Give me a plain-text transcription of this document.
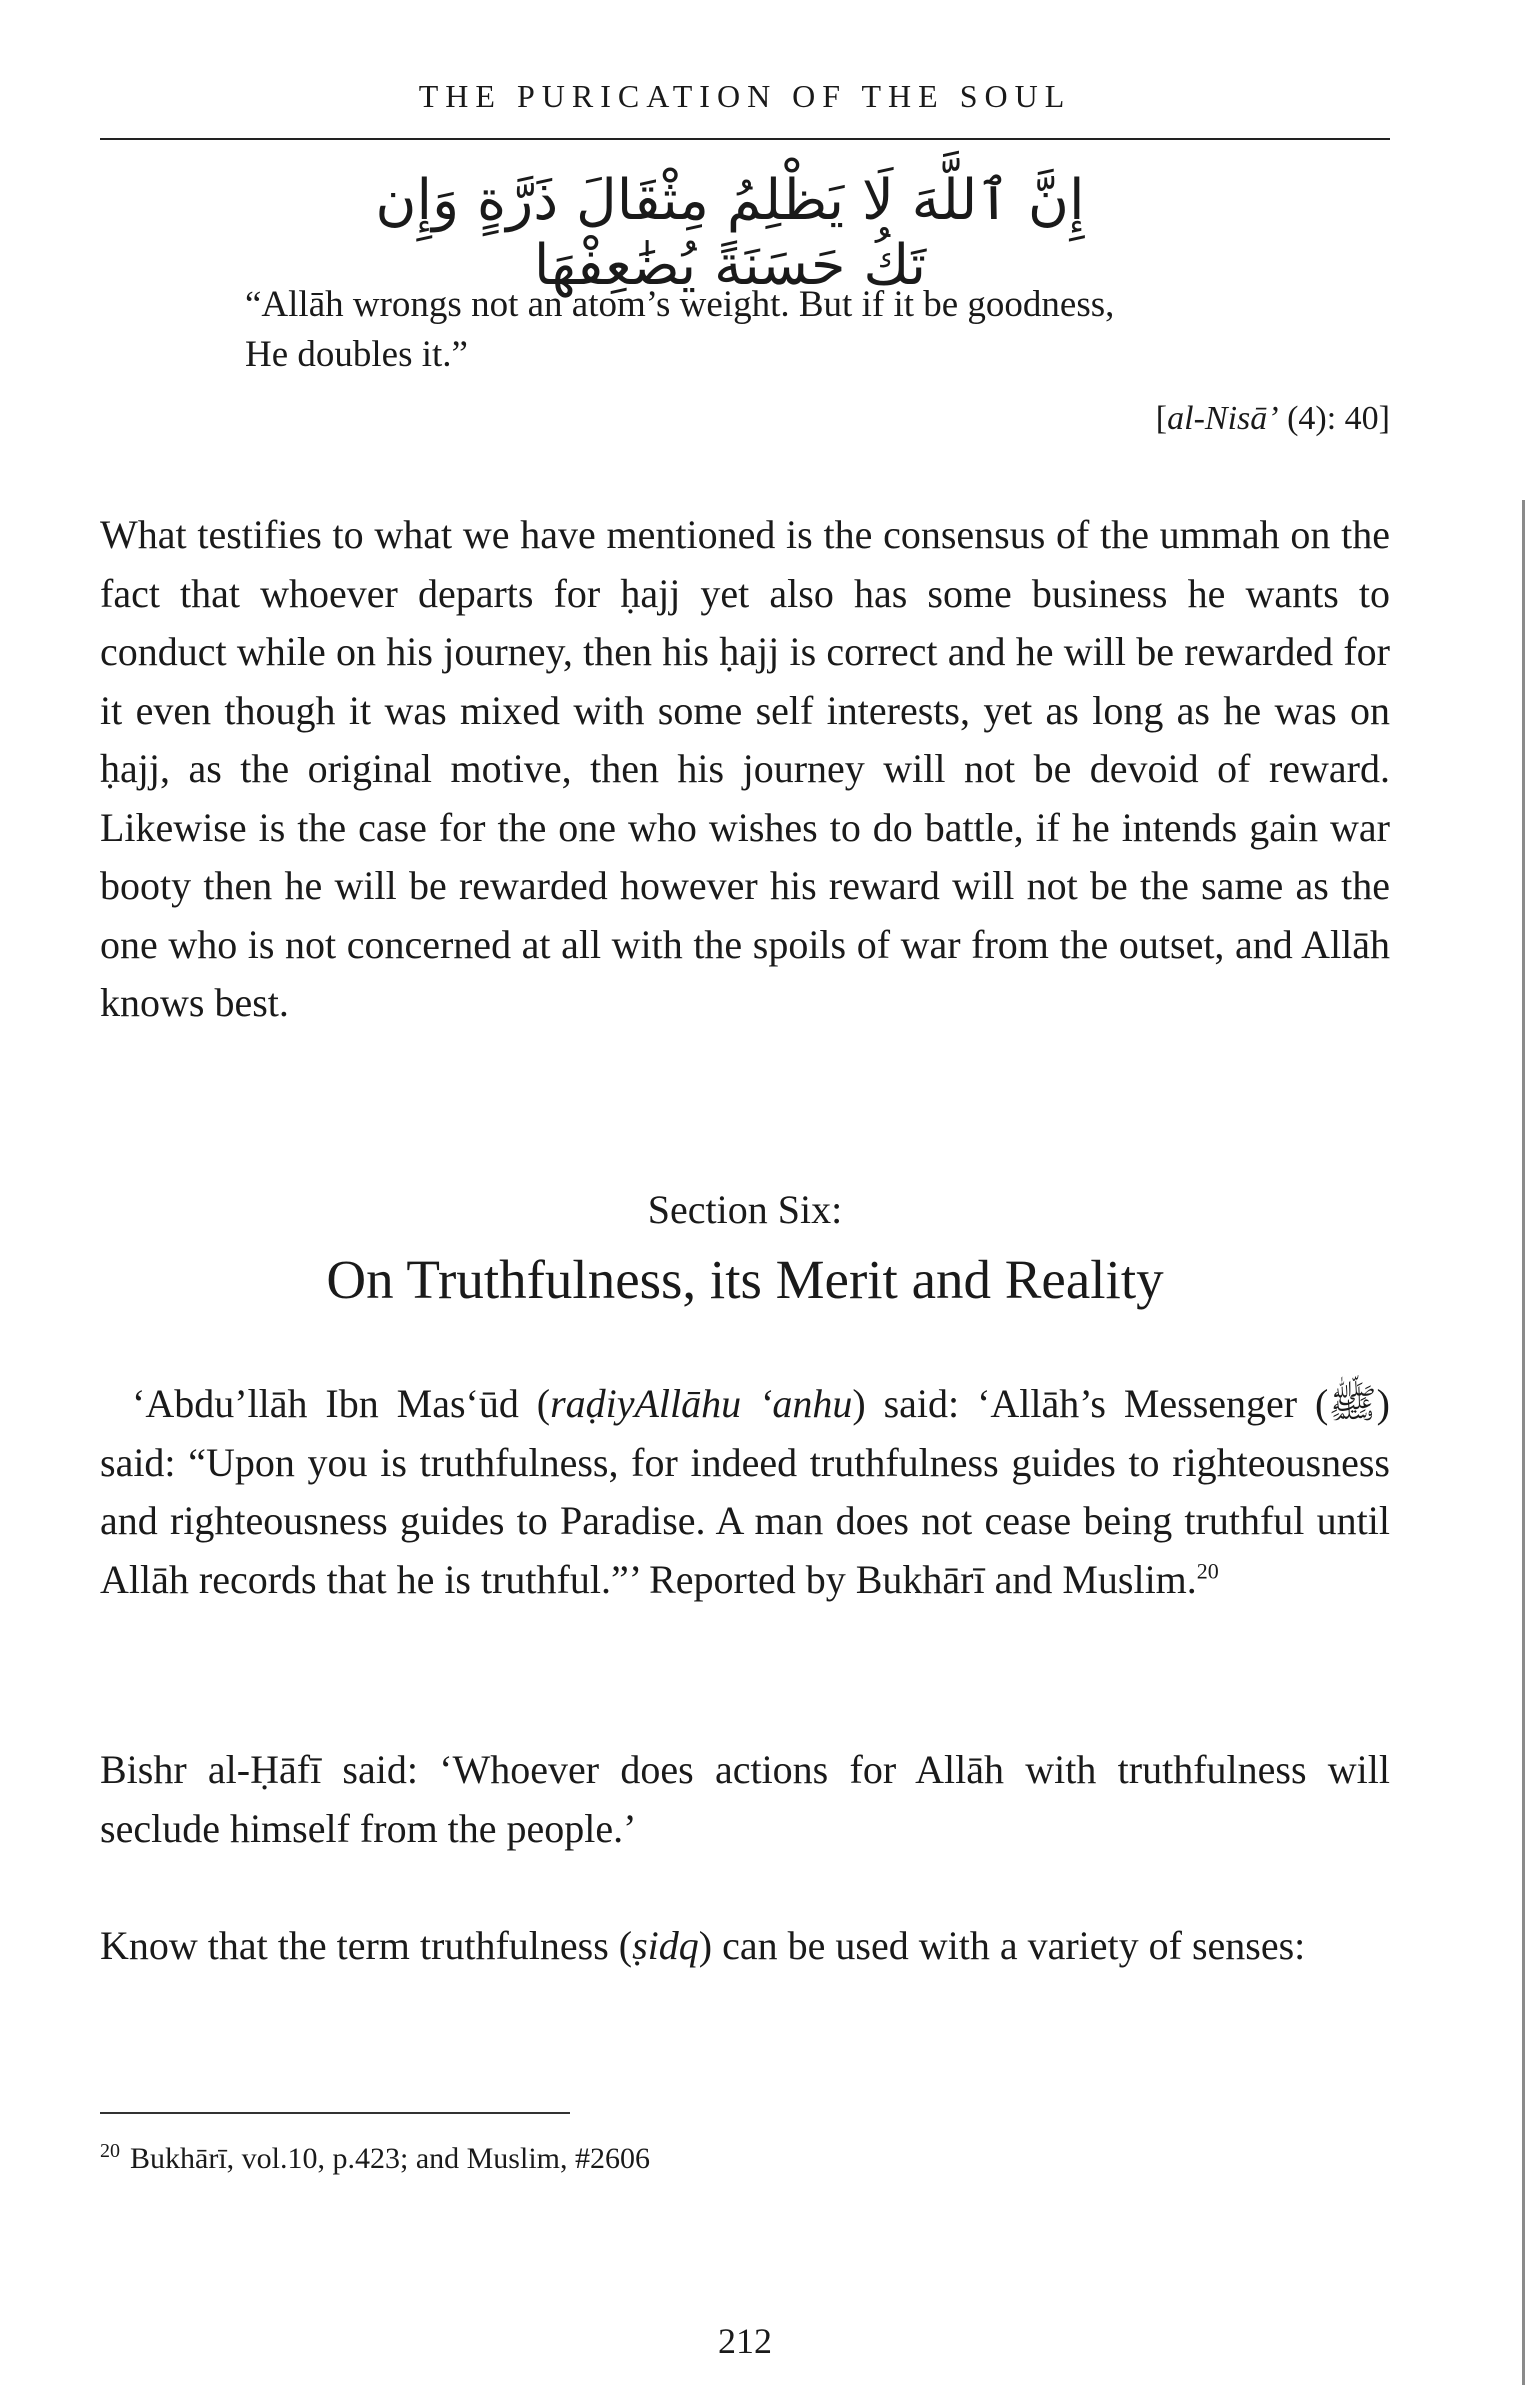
THE PURICATION OF THE SOUL
إِنَّ ٱللَّهَ لَا يَظْلِمُ مِثْقَالَ ذَرَّةٍ وَإِن تَكُ حَسَنَةً يُضَٰعِفْهَا
“Allāh wrongs not an atom’s weight. But if it be goodness,
He doubles it.”
[al-Nisā’ (4): 40]
What testifies to what we have mentioned is the consensus of the ummah on the fact that whoever departs for ḥajj yet also has some business he wants to conduct while on his journey, then his ḥajj is correct and he will be rewarded for it even though it was mixed with some self interests, yet as long as he was on ḥajj, as the original motive, then his journey will not be devoid of reward. Likewise is the case for the one who wishes to do battle, if he intends gain war booty then he will be rewarded however his reward will not be the same as the one who is not concerned at all with the spoils of war from the outset, and Allāh knows best.
Section Six:
On Truthfulness, its Merit and Reality
‘Abdu’llāh Ibn Mas‘ūd (raḍiyAllāhu ‘anhu) said: ‘Allāh’s Messenger (ﷺ) said: “Upon you is truthfulness, for indeed truthfulness guides to righteousness and righteousness guides to Paradise. A man does not cease being truthful until Allāh records that he is truthful.”’ Reported by Bukhārī and Muslim.$^{20}$
Bishr al-Ḥāfī said: ‘Whoever does actions for Allāh with truthfulness will seclude himself from the people.’
Know that the term truthfulness (ṣidq) can be used with a variety of senses:
$^{20}$ Bukhārī, vol.10, p.423; and Muslim, #2606
212
